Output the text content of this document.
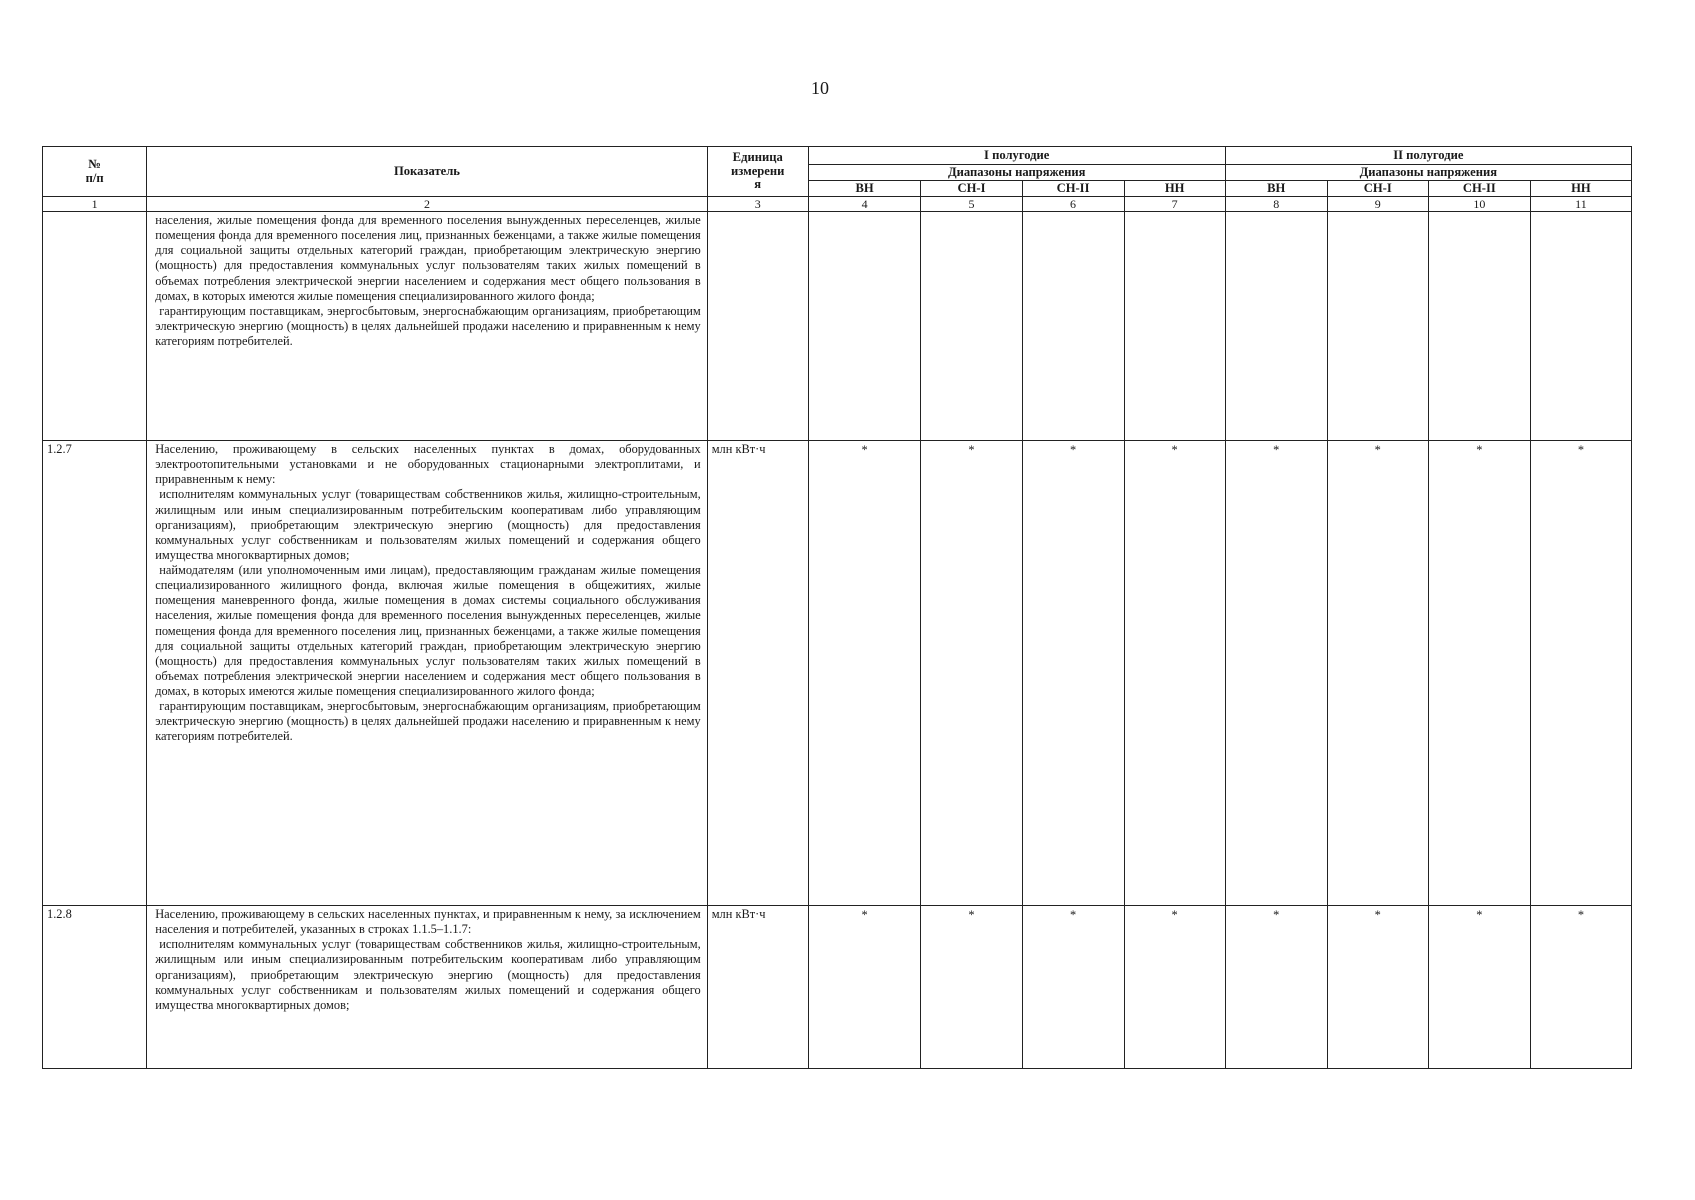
10
№
п/п	Показатель	Единица
измерени
я	I полугодие				II полугодие			
			Диапазоны напряжения				Диапазоны напряжения			
			ВН	СН-I	СН-II	НН	ВН	СН-I	СН-II	НН
1	2	3	4	5	6	7	8	9	10	11

	населения, жилые помещения фонда для временного поселения вынужденных переселенцев, жилые помещения фонда для временного поселения лиц, признанных беженцами, а также жилые помещения для социальной защиты отдельных категорий граждан, приобретающим электрическую энергию (мощность) для предоставления коммунальных услуг пользователям таких жилых помещений в объемах потребления электрической энергии населением и содержания мест общего пользования в домах, в которых имеются жилые помещения специализированного жилого фонда;
гарантирующим поставщикам, энергосбытовым, энергоснабжающим организациям, приобретающим электрическую энергию (мощность) в целях дальнейшей продажи населению и приравненным к нему категориям потребителей.									

1.2.7	Населению, проживающему в сельских населенных пунктах в домах, оборудованных электроотопительными установками и не оборудованных стационарными электроплитами, и приравненным к нему:
исполнителям коммунальных услуг (товариществам собственников жилья, жилищно-строительным, жилищным или иным специализированным потребительским кооперативам либо управляющим организациям), приобретающим электрическую энергию (мощность) для предоставления коммунальных услуг собственникам и пользователям жилых помещений и содержания общего имущества многоквартирных домов;
наймодателям (или уполномоченным ими лицам), предоставляющим гражданам жилые помещения специализированного жилищного фонда, включая жилые помещения в общежитиях, жилые помещения маневренного фонда, жилые помещения в домах системы социального обслуживания населения, жилые помещения фонда для временного поселения вынужденных переселенцев, жилые помещения фонда для временного поселения лиц, признанных беженцами, а также жилые помещения для социальной защиты отдельных категорий граждан, приобретающим электрическую энергию (мощность) для предоставления коммунальных услуг пользователям таких жилых помещений в объемах потребления электрической энергии населением и содержания мест общего пользования в домах, в которых имеются жилые помещения специализированного жилого фонда;
гарантирующим поставщикам, энергосбытовым, энергоснабжающим организациям, приобретающим электрическую энергию (мощность) в целях дальнейшей продажи населению и приравненным к нему категориям потребителей.	млн кВт·ч	*	*	*	*	*	*	*	*
1.2.8	Населению, проживающему в сельских населенных пунктах, и приравненным к нему, за исключением населения и потребителей, указанных в строках 1.1.5–1.1.7:
исполнителям коммунальных услуг (товариществам собственников жилья, жилищно-строительным, жилищным или иным специализированным потребительским кооперативам либо управляющим организациям), приобретающим электрическую энергию (мощность) для предоставления коммунальных услуг собственникам и пользователям жилых помещений и содержания общего имущества многоквартирных домов;	млн кВт·ч	*	*	*	*	*	*	*	*
